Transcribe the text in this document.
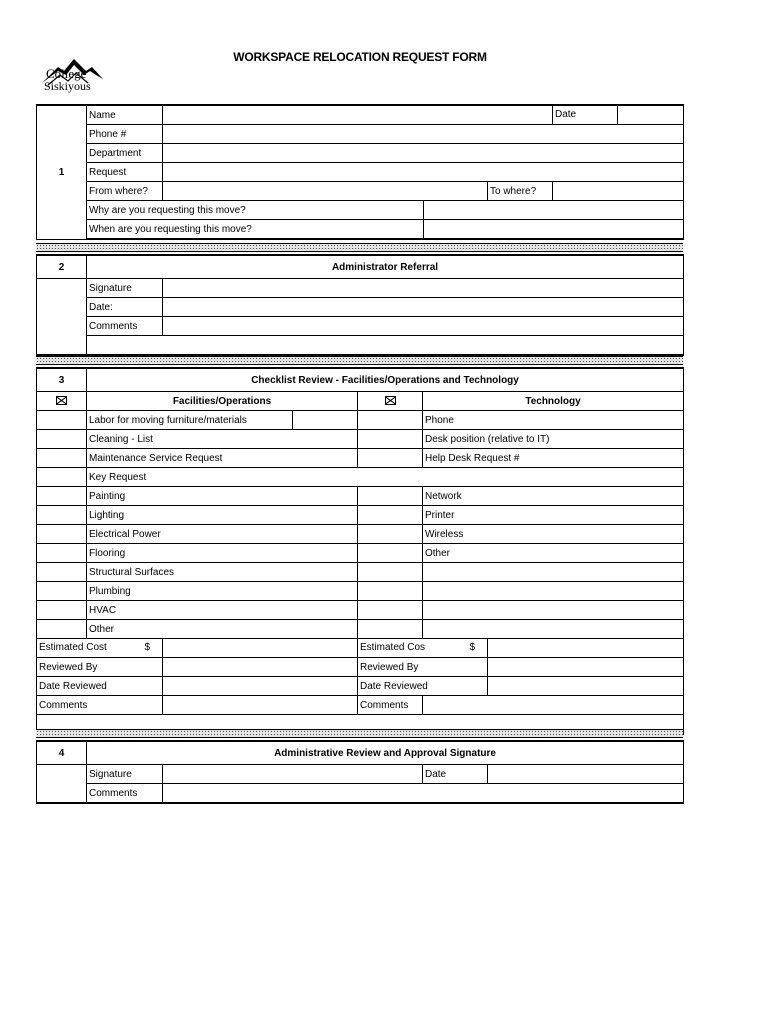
College
Siskiyous
WORKSPACE RELOCATION REQUEST FORM
1	Name				Date

	Phone #				
	Department				
	Request				
	From where?			To where?	
	Why are you requesting this move?				
	When are you requesting this move?				
2	Administrator Referral	
	Signature	
	Date:	
	Comments	

3	Checklist Review - Facilities/Operations and Technology					
	Facilities/Operations				Technology	
	Labor for moving furniture/materials				Phone	
	Cleaning - List				Desk position (relative to IT)	
	Maintenance Service Request				Help Desk Request #	
	Key Request					
	Painting				Network	
	Lighting				Printer	
	Electrical Power				Wireless	
	Flooring				Other	
	Structural Surfaces					
	Plumbing					
	HVAC					
	Other					

Estimated Cost $				Estimated Cos $		

Reviewed By				Reviewed By		
Date Reviewed				Date Reviewed		
Comments				Comments		

4	Administrative Review and Approval Signature			
	Signature		Date	
	Comments			
